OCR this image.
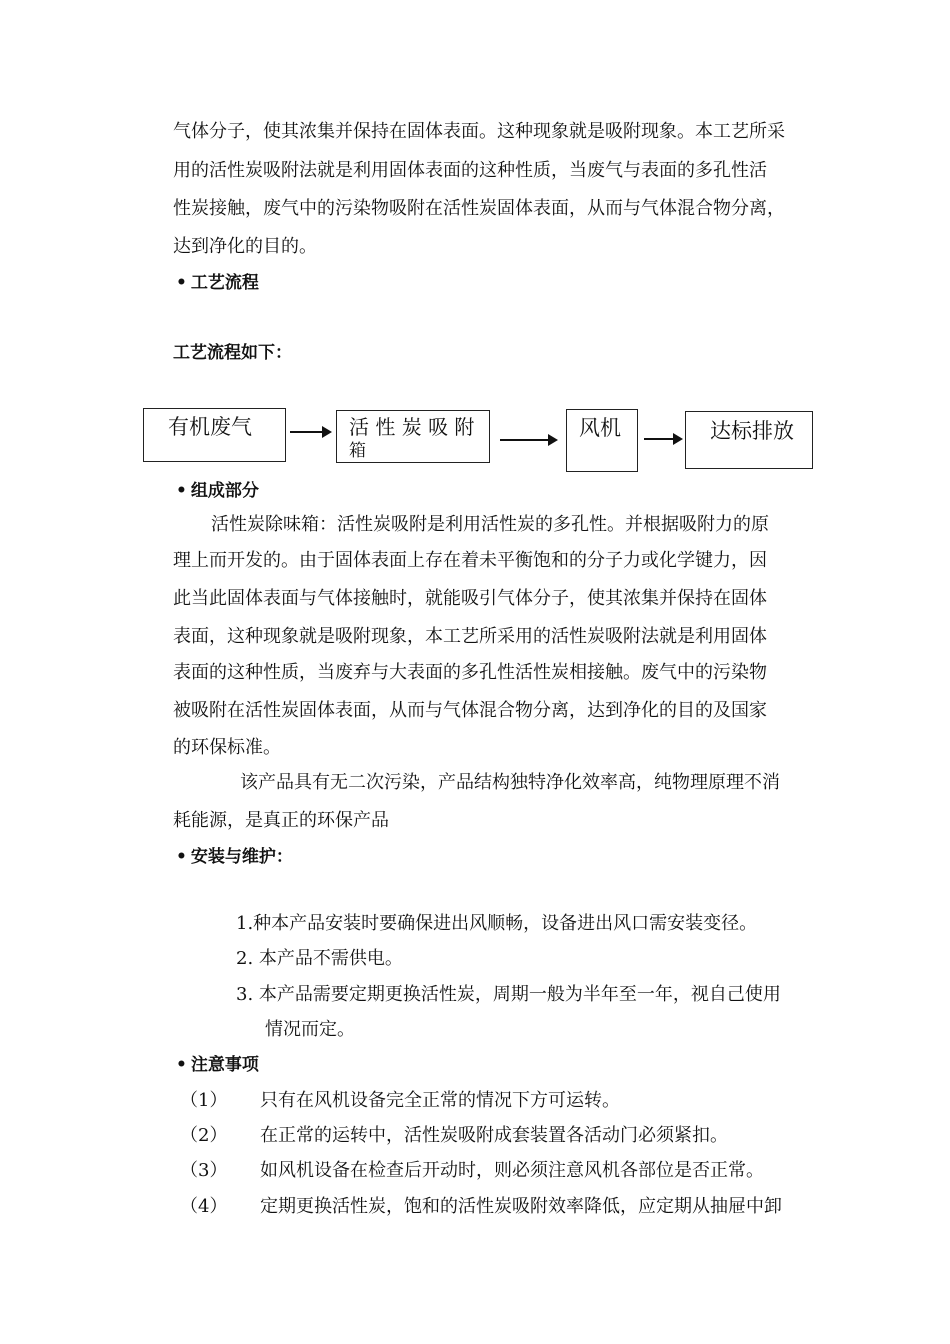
气体分子，使其浓集并保持在固体表面。这种现象就是吸附现象。本工艺所采
用的活性炭吸附法就是利用固体表面的这种性质，当废气与表面的多孔性活
性炭接触，废气中的污染物吸附在活性炭固体表面，从而与气体混合物分离，
达到净化的目的。
• 工艺流程
工艺流程如下：
有机废气	活 性 炭 吸 附
箱
风机	达标排放
• 组成部分
活性炭除味箱：活性炭吸附是利用活性炭的多孔性。并根据吸附力的原
理上而开发的。由于固体表面上存在着未平衡饱和的分子力或化学键力，因
此当此固体表面与气体接触时，就能吸引气体分子，使其浓集并保持在固体
表面，这种现象就是吸附现象，本工艺所采用的活性炭吸附法就是利用固体
表面的这种性质，当废弃与大表面的多孔性活性炭相接触。废气中的污染物
被吸附在活性炭固体表面，从而与气体混合物分离，达到净化的目的及国家
的环保标准。
该产品具有无二次污染，产品结构独特净化效率高，纯物理原理不消
耗能源，是真正的环保产品
• 安装与维护：
1.种本产品安装时要确保进出风顺畅，设备进出风口需安装变径。
2. 本产品不需供电。
3. 本产品需要定期更换活性炭，周期一般为半年至一年，视自己使用
情况而定。
• 注意事项
（1） 只有在风机设备完全正常的情况下方可运转。
（2） 在正常的运转中，活性炭吸附成套装置各活动门必须紧扣。
（3） 如风机设备在检查后开动时，则必须注意风机各部位是否正常。
（4） 定期更换活性炭，饱和的活性炭吸附效率降低，应定期从抽屉中卸
